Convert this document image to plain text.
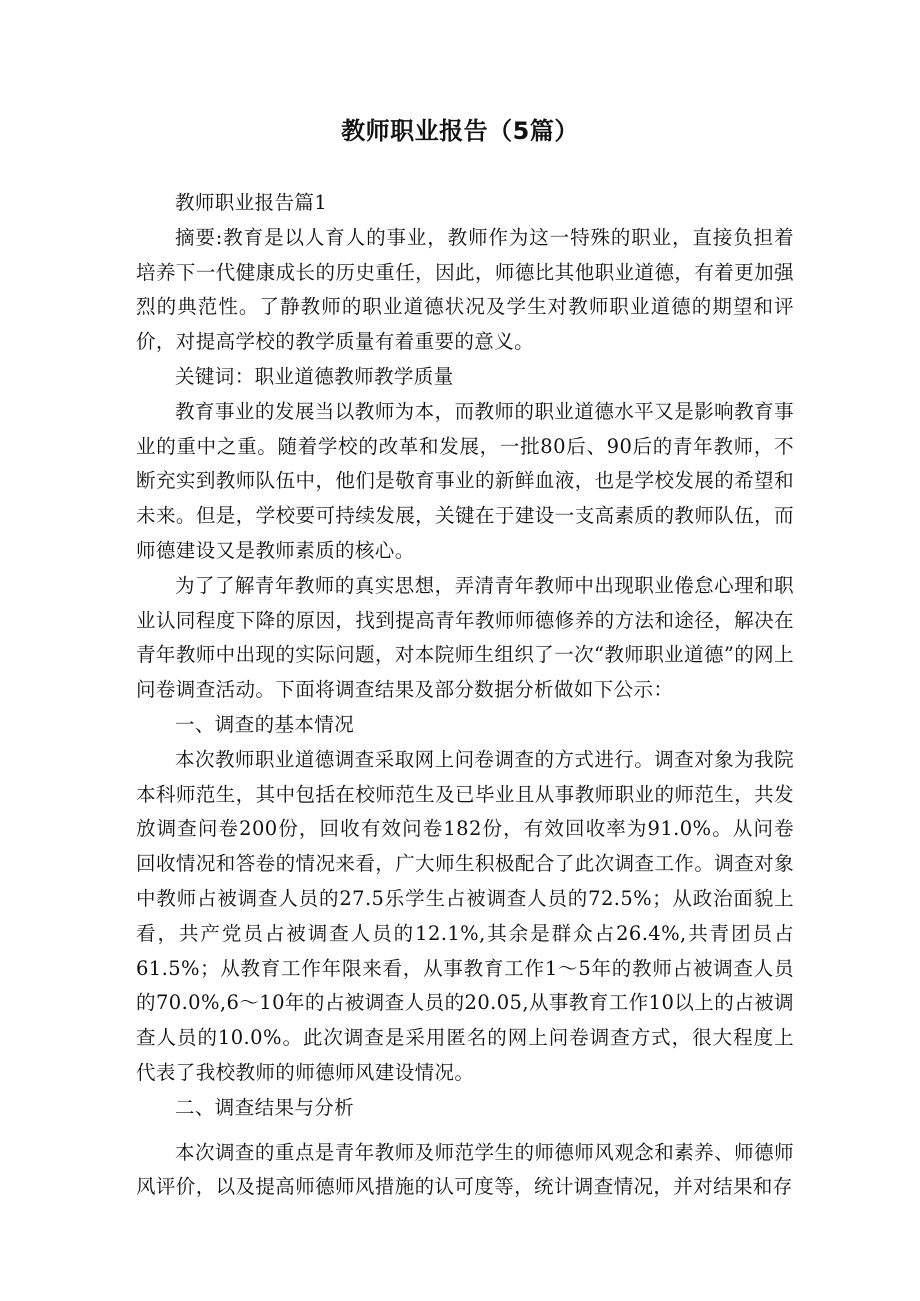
教师职业报告（5篇）

教师职业报告篇1

摘要:教育是以人育人的事业，教师作为这一特殊的职业，直接负担着培养下一代健康成长的历史重任，因此，师德比其他职业道德，有着更加强烈的典范性。了静教师的职业道德状况及学生对教师职业道德的期望和评价，对提高学校的教学质量有着重要的意义。

关键词：职业道德教师教学质量

教育事业的发展当以教师为本，而教师的职业道德水平又是影响教育事业的重中之重。随着学校的改革和发展，一批80后、90后的青年教师，不断充实到教师队伍中，他们是敬育事业的新鲜血液，也是学校发展的希望和未来。但是，学校要可持续发展，关键在于建设一支高素质的教师队伍，而师德建设又是教师素质的核心。

为了了解青年教师的真实思想，弄清青年教师中出现职业倦怠心理和职业认同程度下降的原因，找到提高青年教师师德修养的方法和途径，解决在青年教师中出现的实际问题，对本院师生组织了一次“教师职业道德”的网上问卷调查活动。下面将调查结果及部分数据分析做如下公示：

一、调查的基本情况

本次教师职业道德调查采取网上问卷调查的方式进行。调查对象为我院本科师范生，其中包括在校师范生及已毕业且从事教师职业的师范生，共发放调查问卷200份，回收有效问卷182份，有效回收率为91.0%。从问卷回收情况和答卷的情况来看，广大师生积极配合了此次调查工作。调查对象中教师占被调查人员的27.5乐学生占被调查人员的72.5%；从政治面貌上看，共产党员占被调查人员的12.1%,其余是群众占26.4%,共青团员占61.5%；从教育工作年限来看，从事教育工作1～5年的教师占被调查人员的70.0%,6～10年的占被调查人员的20.05,从事教育工作10以上的占被调查人员的10.0%。此次调查是采用匿名的网上问卷调查方式，很大程度上代表了我校教师的师德师风建设情况。

二、调查结果与分析

本次调查的重点是青年教师及师范学生的师德师风观念和素养、师德师风评价，以及提高师德师风措施的认可度等，统计调查情况，并对结果和存
